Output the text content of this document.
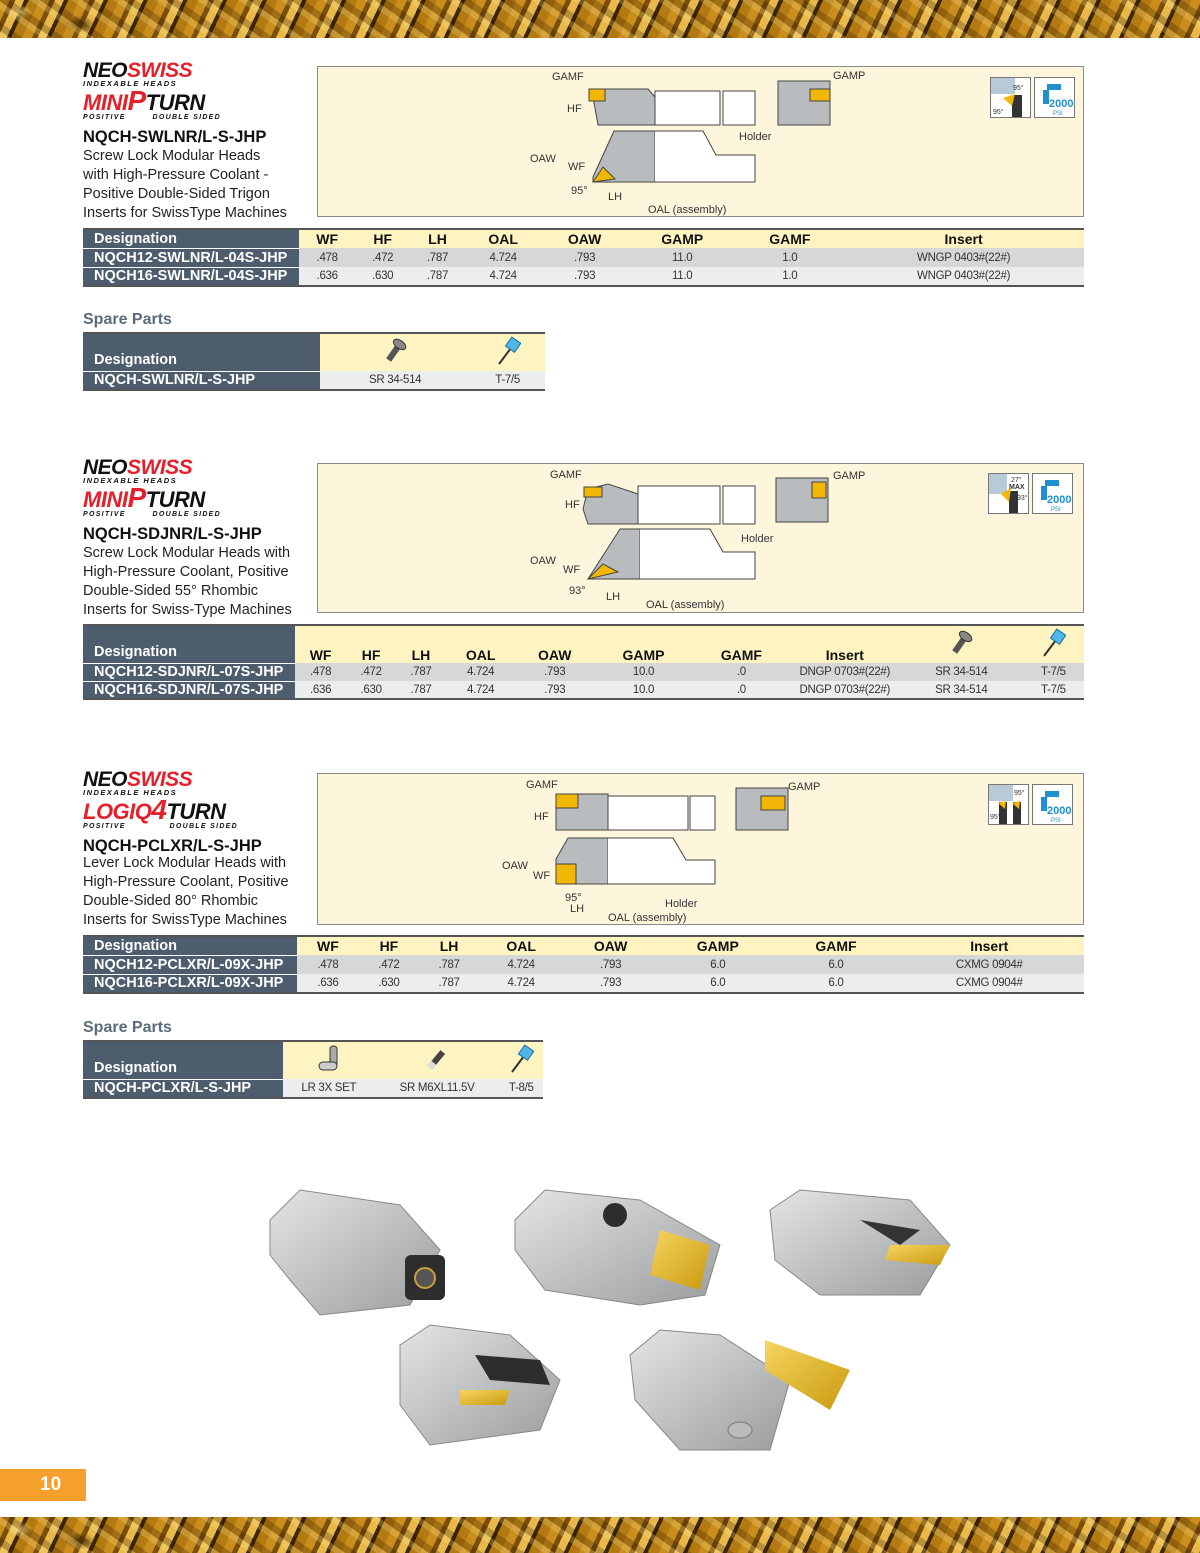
NEOSWISS
INDEXABLE HEADS
MINIPTURN
POSITIVE	DOUBLE SIDED
NQCH-SWLNR/L-S-JHP
Screw Lock Modular Heads
with High-Pressure Coolant -
Positive Double-Sided Trigon
Inserts for SwissType Machines
GAMF
HF
OAW
WF
95° LH
OAL (assembly)
Holder
GAMP
95°
95°
2000
PSI
Designation	WF	HF	LH	OAL	OAW	GAMP	GAMF	Insert
NQCH12-SWLNR/L-04S-JHP	.478	.472	.787	4.724	.793	11.0	1.0	WNGP 0403#(22#)
NQCH16-SWLNR/L-04S-JHP	.636	.630	.787	4.724	.793	11.0	1.0	WNGP 0403#(22#)
Spare Parts
Designation		
NQCH-SWLNR/L-S-JHP	SR 34-514	T-7/5
NEOSWISS
INDEXABLE HEADS
MINIPTURN
POSITIVE	DOUBLE SIDED
NQCH-SDJNR/L-S-JHP
Screw Lock Modular Heads with
High-Pressure Coolant, Positive
Double-Sided 55° Rhombic
Inserts for Swiss-Type Machines
GAMF
HF
OAW
WF
93° LH
OAL (assembly)
Holder
GAMP	27°
MAX
93° 2000
PSI
Designation	WF	HF	LH	OAL	OAW	GAMP	GAMF	Insert		
NQCH12-SDJNR/L-07S-JHP	.478	.472	.787	4.724	.793	10.0	.0	DNGP 0703#(22#)	SR 34-514	T-7/5
NQCH16-SDJNR/L-07S-JHP	.636	.630	.787	4.724	.793	10.0	.0	DNGP 0703#(22#)	SR 34-514	T-7/5
NEOSWISS
INDEXABLE HEADS
LOGIQ4TURN
POSITIVE	DOUBLE SIDED
NQCH-PCLXR/L-S-JHP
Lever Lock Modular Heads with
High-Pressure Coolant, Positive
Double-Sided 80° Rhombic
Inserts for SwissType Machines
GAMF
HF
OAW
WF
95°
LH
OAL (assembly)
Holder
GAMP
95°
95°
2000
PSI
Designation	WF	HF	LH	OAL	OAW	GAMP	GAMF	Insert
NQCH12-PCLXR/L-09X-JHP	.478	.472	.787	4.724	.793	6.0	6.0	CXMG 0904#
NQCH16-PCLXR/L-09X-JHP	.636	.630	.787	4.724	.793	6.0	6.0	CXMG 0904#
Spare Parts
Designation			
NQCH-PCLXR/L-S-JHP	LR 3X SET	SR M6XL11.5V	T-8/5
10
